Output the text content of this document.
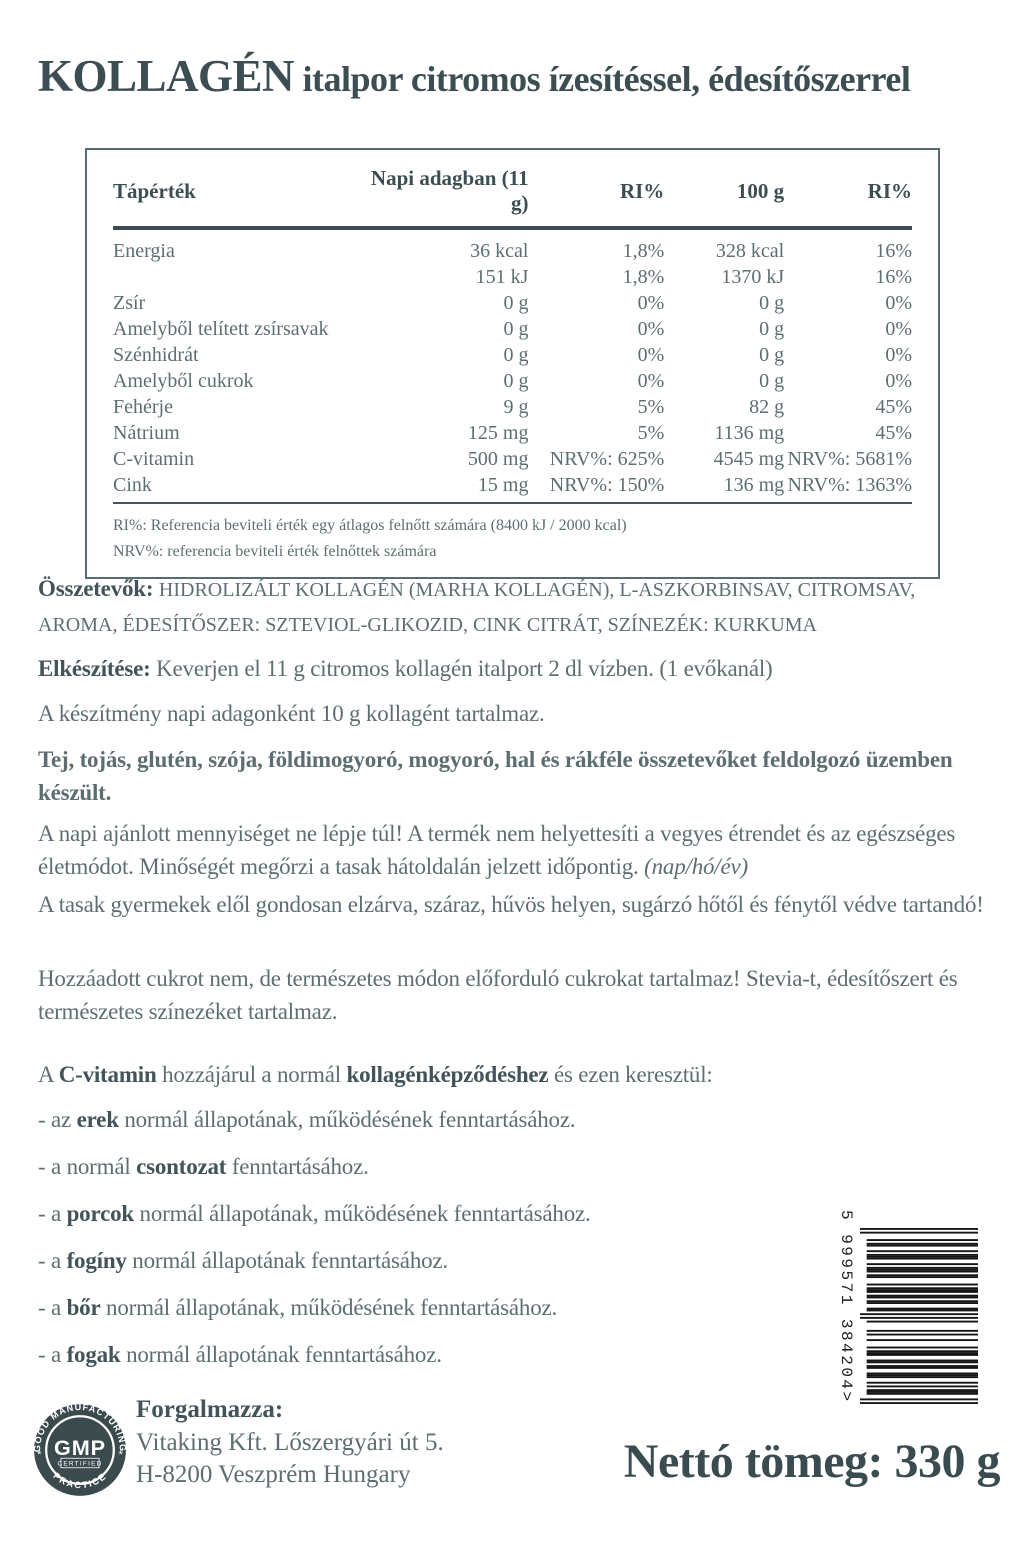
KOLLAGÉN italpor citromos ízesítéssel, édesítőszerrel
Tápérték	Napi adagban (11 g)	RI%	100 g	RI%
Energia	36 kcal	1,8%	328 kcal	16%
	151 kJ	1,8%	1370 kJ	16%
Zsír	0 g	0%	0 g	0%
Amelyből telített zsírsavak	0 g	0%	0 g	0%
Szénhidrát	0 g	0%	0 g	0%
Amelyből cukrok	0 g	0%	0 g	0%
Fehérje	9 g	5%	82 g	45%
Nátrium	125 mg	5%	1136 mg	45%
C-vitamin	500 mg	NRV%: 625%	4545 mg	NRV%: 5681%
Cink	15 mg	NRV%: 150%	136 mg	NRV%: 1363%

RI%: Referencia beviteli érték egy átlagos felnőtt számára (8400 kJ / 2000 kcal)

NRV%: referencia beviteli érték felnőttek számára

Összetevők: HIDROLIZÁLT KOLLAGÉN (MARHA KOLLAGÉN), L-ASZKORBINSAV, CITROMSAV, AROMA, ÉDESÍTŐSZER: SZTEVIOL-GLIKOZID, CINK CITRÁT, SZÍNEZÉK: KURKUMA

Elkészítése: Keverjen el 11 g citromos kollagén italport 2 dl vízben. (1 evőkanál)

A készítmény napi adagonként 10 g kollagént tartalmaz.

Tej, tojás, glutén, szója, földimogyoró, mogyoró, hal és rákféle összetevőket feldolgozó üzemben készült.

A napi ajánlott mennyiséget ne lépje túl! A termék nem helyettesíti a vegyes étrendet és az egészséges életmódot. Minőségét megőrzi a tasak hátoldalán jelzett időpontig. (nap/hó/év)

A tasak gyermekek elől gondosan elzárva, száraz, hűvös helyen, sugárzó hőtől és fénytől védve tartandó!

Hozzáadott cukrot nem, de természetes módon előforduló cukrokat tartalmaz! Stevia-t, édesítőszert és természetes színezéket tartalmaz.

A C-vitamin hozzájárul a normál kollagénképződéshez és ezen keresztül:

- az erek normál állapotának, működésének fenntartásához.

- a normál csontozat fenntartásához.

- a porcok normál állapotának, működésének fenntartásához.

- a fogíny normál állapotának fenntartásához.

- a bőr normál állapotának, működésének fenntartásához.

- a fogak normál állapotának fenntartásához.	5 999571 384204>
GOOD MANUFACTURING
PRACTICE
*	*
GMP
CERTIFIED

Forgalmazza:

Vitaking Kft. Lőszergyári út 5.

H-8200 Veszprém Hungary	Nettó tömeg: 330 g
